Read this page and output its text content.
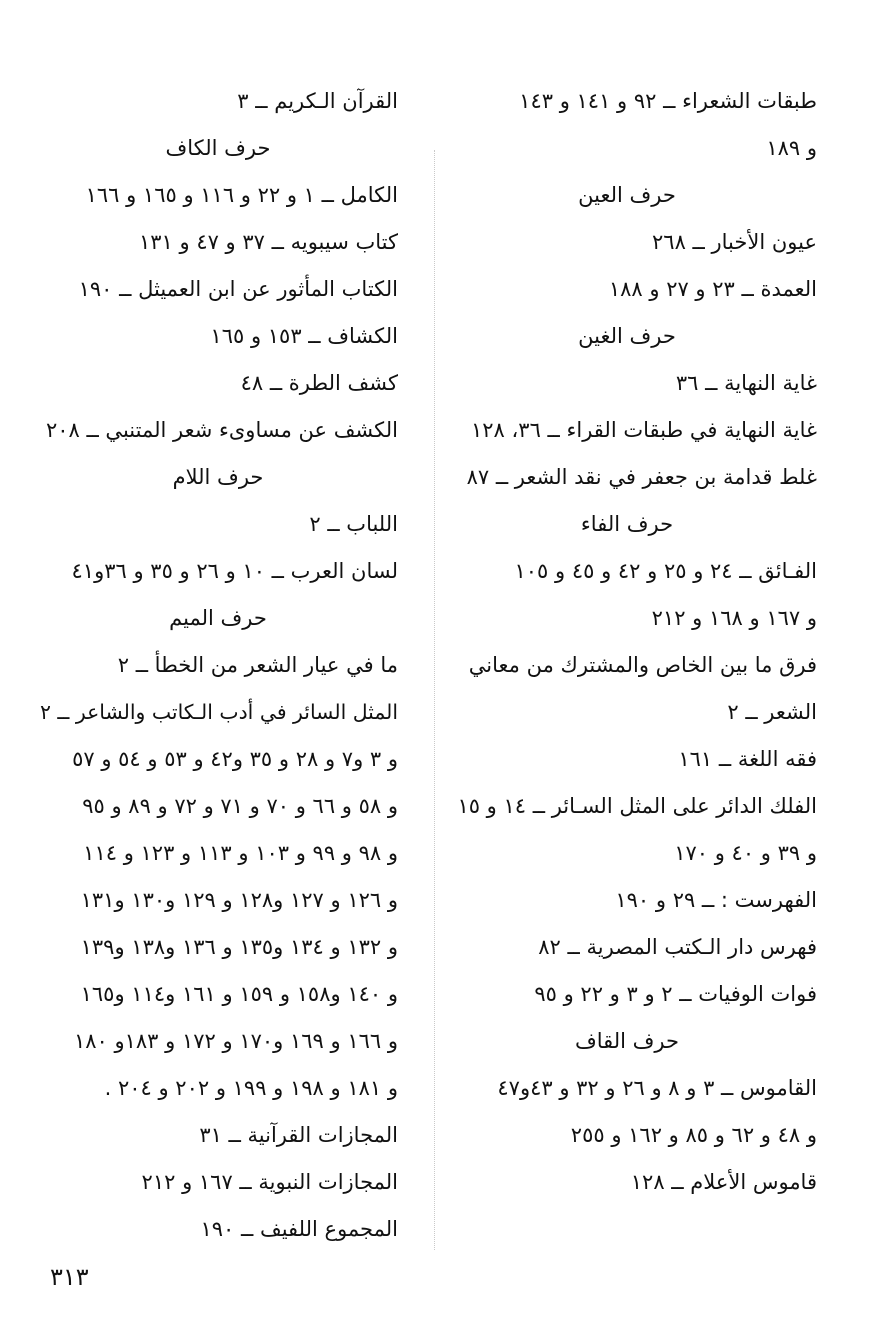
طبقات الشعراء ــ ٩٢ و ١٤١ و ١٤٣
و ١٨٩
حرف العين
عيون الأخبار ــ ٢٦٨
العمدة ــ ٢٣ و ٢٧ و ١٨٨
حرف الغين
غاية النهاية ــ ٣٦
غاية النهاية في طبقات القراء ــ ٣٦، ١٢٨
غلط قدامة بن جعفر في نقد الشعر ــ ٨٧
حرف الفاء
الفـائق ــ ٢٤ و ٢٥ و ٤٢ و ٤٥ و ١٠٥
و ١٦٧ و ١٦٨ و ٢١٢
فرق ما بين الخاص والمشترك من معاني
الشعر ــ ٢
فقه اللغة ــ ١٦١
الفلك الدائر على المثل السـائر ــ ١٤ و ١٥
و ٣٩ و ٤٠ و ١٧٠
الفهرست : ــ ٢٩ و ١٩٠
فهرس دار الـكتب المصرية ــ ٨٢
فوات الوفيات ــ ٢ و ٣ و ٢٢ و ٩٥
حرف القاف
القاموس ــ ٣ و ٨ و ٢٦ و ٣٢ و ٤٣و٤٧
و ٤٨ و ٦٢ و ٨٥ و ١٦٢ و ٢٥٥
قاموس الأعلام ــ ١٢٨
القرآن الـكريم ــ ٣
حرف الكاف
الكامل ــ ١ و ٢٢ و ١١٦ و ١٦٥ و ١٦٦
كتاب سيبويه ــ ٣٧ و ٤٧ و ١٣١
الكتاب المأثور عن ابن العميثل ــ ١٩٠
الكشاف ــ ١٥٣ و ١٦٥
كشف الطرة ــ ٤٨
الكشف عن مساوىء شعر المتنبي ــ ٢٠٨
حرف اللام
اللباب ــ ٢
لسان العرب ــ ١٠ و ٢٦ و ٣٥ و ٣٦و٤١
حرف الميم
ما في عيار الشعر من الخطأ ــ ٢
المثل السائر في أدب الـكاتب والشاعر ــ ٢
و ٣ و٧ و ٢٨ و ٣٥ و٤٢ و ٥٣ و ٥٤ و ٥٧
و ٥٨ و ٦٦ و ٧٠ و ٧١ و ٧٢ و ٨٩ و ٩٥
و ٩٨ و ٩٩ و ١٠٣ و ١١٣ و ١٢٣ و ١١٤
و ١٢٦ و ١٢٧ و١٢٨ و ١٢٩ و١٣٠ و١٣١
و ١٣٢ و ١٣٤ و١٣٥ و ١٣٦ و١٣٨ و١٣٩
و ١٤٠ و١٥٨ و ١٥٩ و ١٦١ و١١٤ و١٦٥
و ١٦٦ و ١٦٩ و١٧٠ و ١٧٢ و ١٨٣و ١٨٠
و ١٨١ و ١٩٨ و ١٩٩ و ٢٠٢ و ٢٠٤ .
المجازات القرآنية ــ ٣١
المجازات النبوية ــ ١٦٧ و ٢١٢
المجموع اللفيف ــ ١٩٠
٣١٣
